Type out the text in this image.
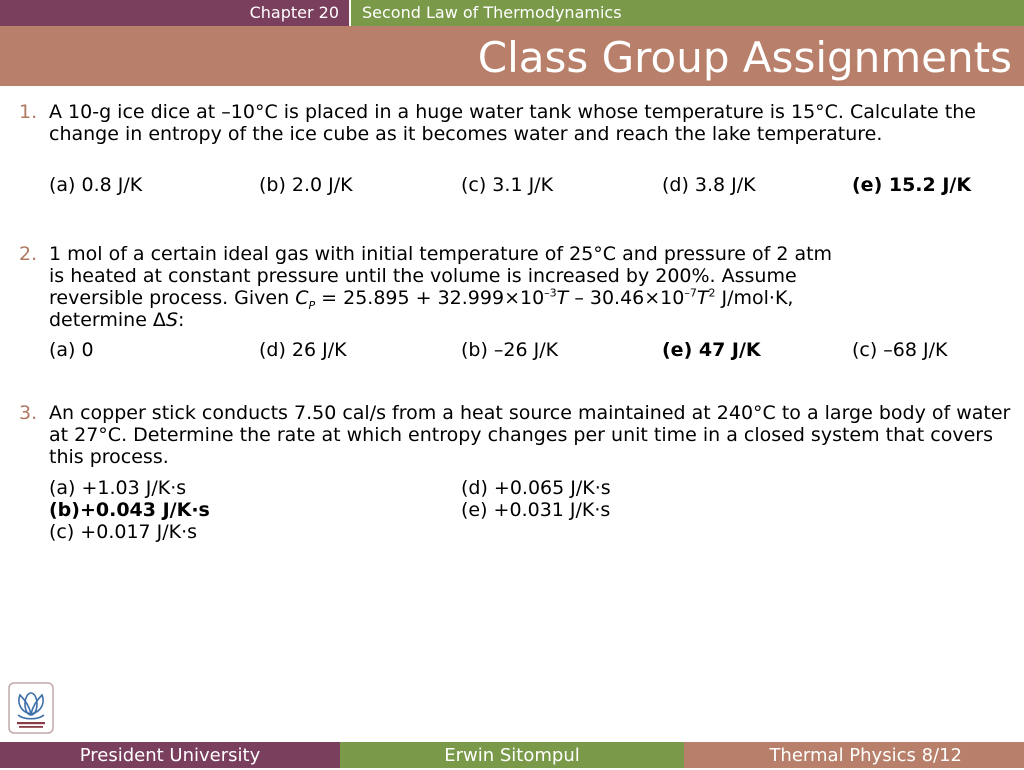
Chapter 20	Second Law of Thermodynamics
Class Group Assignments
1. A 10-g ice dice at –10°C is placed in a huge water tank whose temperature is 15°C. Calculate the change in entropy of the ice cube as it becomes water and reach the lake temperature.
(a) 0.8 J/K	(b) 2.0 J/K	(c) 3.1 J/K	(d) 3.8 J/K	(e) 15.2 J/K
2. 1 mol of a certain ideal gas with initial temperature of 25°C and pressure of 2 atm
is heated at constant pressure until the volume is increased by 200%. Assume
reversible process. Given $C_P = 25.895 + 32.999\times 10^{-3}T - 30.46\times 10^{-7}T^2$ J/mol·K,
determine ΔS:
(a) 0	(d) 26 J/K	(b) –26 J/K	(e) 47 J/K	(c) –68 J/K
3. An copper stick conducts 7.50 cal/s from a heat source maintained at 240°C to a large body of water at 27°C. Determine the rate at which entropy changes per unit time in a closed system that covers this process.
(a) +1.03 J/K·s	(d) +0.065 J/K·s
(b)+0.043 J/K·s	(e) +0.031 J/K·s
(c) +0.017 J/K·s
President University	Erwin Sitompul	Thermal Physics 8/12
